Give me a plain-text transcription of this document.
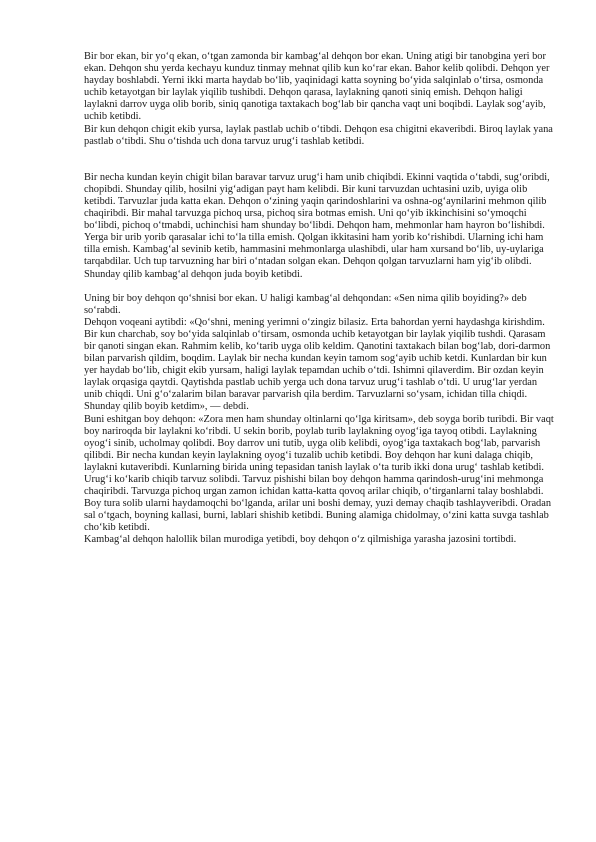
Bir bor ekan, bir yo‘q ekan, o‘tgan zamonda bir kambag‘al dehqon bor ekan. Uning atigi bir tanobgina yeri bor ekan. Dehqon shu yerda kechayu kunduz tinmay mehnat qilib kun ko‘rar ekan. Bahor kelib qolibdi. Dehqon yer hayday boshlabdi. Yerni ikki marta haydab bo‘lib, yaqinidagi katta soyning bo‘yida salqinlab o‘tirsa, osmonda uchib ketayotgan bir laylak yiqilib tushibdi. Dehqon qarasa, laylakning qanoti siniq emish. Dehqon haligi laylakni darrov uyga olib borib, siniq qanotiga taxtakach bog‘lab bir qancha vaqt uni boqibdi. Laylak sog‘ayib, uchib ketibdi.

Bir kun dehqon chigit ekib yursa, laylak pastlab uchib o‘tibdi. Dehqon esa chigitni ekaveribdi. Biroq laylak yana pastlab o‘tibdi. Shu o‘tishda uch dona tarvuz urug‘i tashlab ketibdi.

Bir necha kundan keyin chigit bilan baravar tarvuz urug‘i ham unib chiqibdi. Ekinni vaqtida o‘tabdi, sug‘oribdi, chopibdi. Shunday qilib, hosilni yig‘adigan payt ham kelibdi. Bir kuni tarvuzdan uchtasini uzib, uyiga olib ketibdi. Tarvuzlar juda katta ekan. Dehqon o‘zining yaqin qarindoshlarini va oshna-og‘aynilarini mehmon qilib chaqiribdi. Bir mahal tarvuzga pichoq ursa, pichoq sira botmas emish. Uni qo‘yib ikkinchisini so‘ymoqchi bo‘libdi, pichoq o‘tmabdi, uchinchisi ham shunday bo‘libdi. Dehqon ham, mehmonlar ham hayron bo‘lishibdi. Yerga bir urib yorib qarasalar ichi to‘la tilla emish. Qolgan ikkitasini ham yorib ko‘rishibdi. Ularning ichi ham tilla emish. Kambag‘al sevinib ketib, hammasini mehmonlarga ulashibdi, ular ham xursand bo‘lib, uy-uylariga tarqabdilar. Uch tup tarvuzning har biri o‘ntadan solgan ekan. Dehqon qolgan tarvuzlarni ham yig‘ib olibdi. Shunday qilib kambag‘al dehqon juda boyib ketibdi.

Uning bir boy dehqon qo‘shnisi bor ekan. U haligi kambag‘al dehqondan: «Sen nima qilib boyiding?» deb so‘rabdi.

Dehqon voqeani aytibdi: «Qo‘shni, mening yerimni o‘zingiz bilasiz. Erta bahordan yerni haydashga kirishdim. Bir kun charchab, soy bo‘yida salqinlab o‘tirsam, osmonda uchib ketayotgan bir laylak yiqilib tushdi. Qarasam bir qanoti singan ekan. Rahmim kelib, ko‘tarib uyga olib keldim. Qanotini taxtakach bilan bog‘lab, dori-darmon bilan parvarish qildim, boqdim. Laylak bir necha kundan keyin tamom sog‘ayib uchib ketdi. Kunlardan bir kun yer haydab bo‘lib, chigit ekib yursam, haligi laylak tepamdan uchib o‘tdi. Ishimni qilaverdim. Bir ozdan keyin laylak orqasiga qaytdi. Qaytishda pastlab uchib yerga uch dona tarvuz urug‘i tashlab o‘tdi. U urug‘lar yerdan unib chiqdi. Uni g‘o‘zalarim bilan baravar parvarish qila berdim. Tarvuzlarni so‘ysam, ichidan tilla chiqdi. Shunday qilib boyib ketdim», — debdi.

Buni eshitgan boy dehqon: «Zora men ham shunday oltinlarni qo‘lga kiritsam», deb soyga borib turibdi. Bir vaqt boy nariroqda bir laylakni ko‘ribdi. U sekin borib, poylab turib laylakning oyog‘iga tayoq otibdi. Laylakning oyog‘i sinib, ucholmay qolibdi. Boy darrov uni tutib, uyga olib kelibdi, oyog‘iga taxtakach bog‘lab, parvarish qilibdi. Bir necha kundan keyin laylakning oyog‘i tuzalib uchib ketibdi. Boy dehqon har kuni dalaga chiqib, laylakni kutaveribdi. Kunlarning birida uning tepasidan tanish laylak o‘ta turib ikki dona urug‘ tashlab ketibdi. Urug‘i ko‘karib chiqib tarvuz solibdi. Tarvuz pishishi bilan boy dehqon hamma qarindosh-urug‘ini mehmonga chaqiribdi. Tarvuzga pichoq urgan zamon ichidan katta-katta qovoq arilar chiqib, o‘tirganlarni talay boshlabdi. Boy tura solib ularni haydamoqchi bo‘lganda, arilar uni boshi demay, yuzi demay chaqib tashlayveribdi. Oradan sal o‘tgach, boyning kallasi, burni, lablari shishib ketibdi. Buning alamiga chidolmay, o‘zini katta suvga tashlab cho‘kib ketibdi.

Kambag‘al dehqon halollik bilan murodiga yetibdi, boy dehqon o‘z qilmishiga yarasha jazosini tortibdi.
